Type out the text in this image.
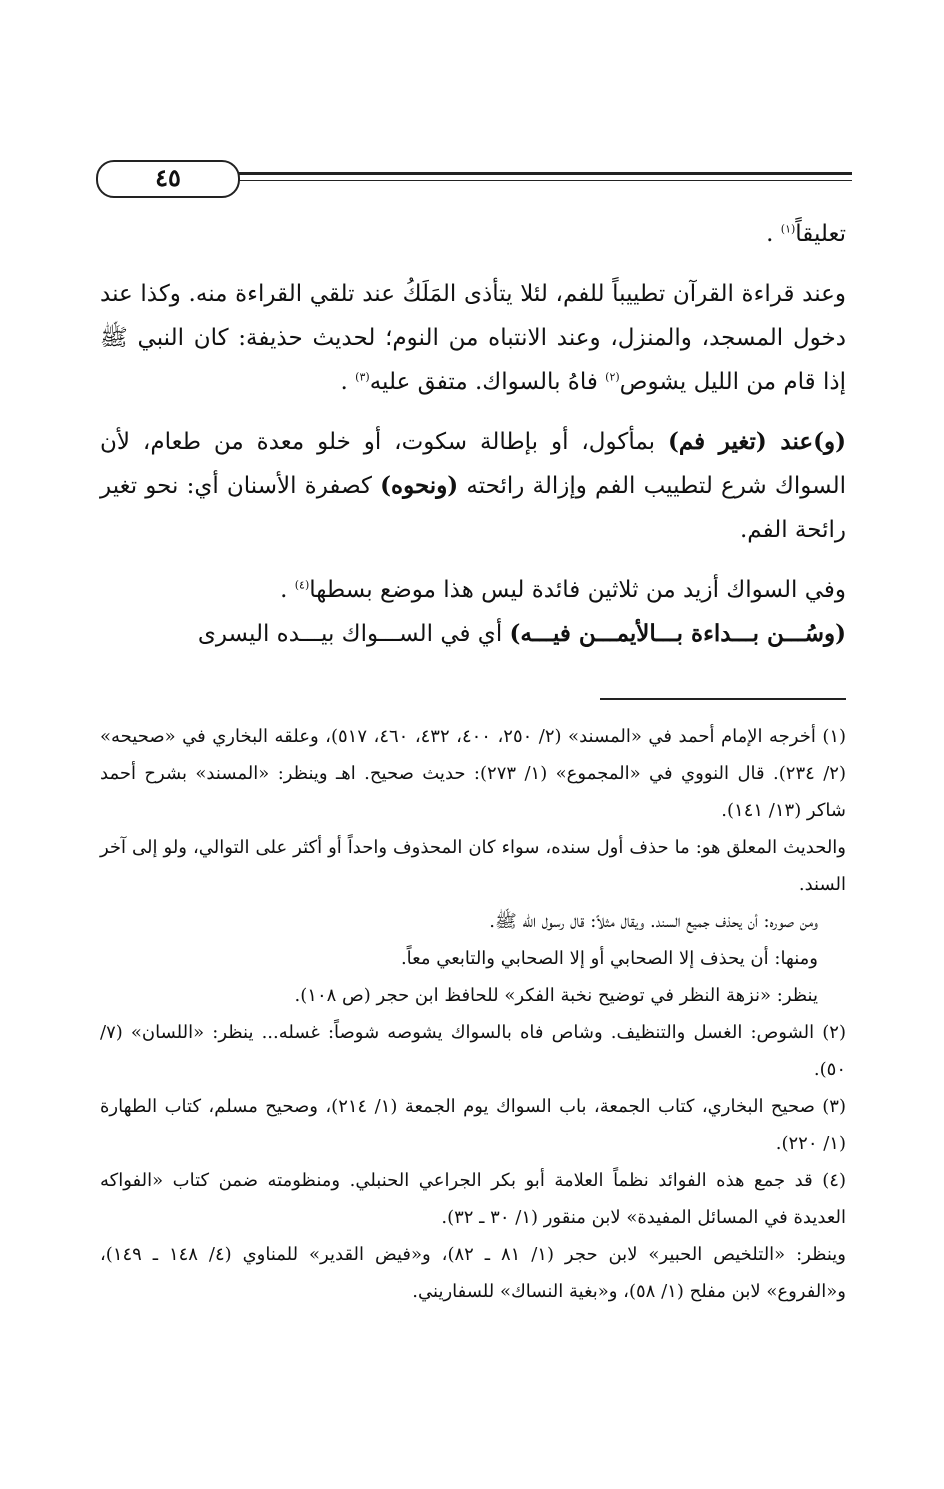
٤٥

تعليقاً$^{(١)}$ .

وعند قراءة القرآن تطييباً للفم، لئلا يتأذى المَلَكُ عند تلقي القراءة منه. وكذا عند دخول المسجد، والمنزل، وعند الانتباه من النوم؛ لحديث حذيفة: كان النبي ﷺ إذا قام من الليل يشوص$^{(٢)}$ فاهُ بالسواك. متفق عليه$^{(٣)}$ .

(و)عند (تغير فم) بمأكول، أو بإطالة سكوت، أو خلو معدة من طعام، لأن السواك شرع لتطييب الفم وإزالة رائحته (ونحوه) كصفرة الأسنان أي: نحو تغير رائحة الفم.

وفي السواك أزيد من ثلاثين فائدة ليس هذا موضع بسطها$^{(٤)}$ .

(وسُـــن بـــداءة بـــالأيمـــن فيـــه) أي في الســـواك بيـــده اليسرى

(١) أخرجه الإمام أحمد في «المسند» (٢/ ٢٥٠، ٤٠٠، ٤٣٢، ٤٦٠، ٥١٧)، وعلقه البخاري في «صحيحه» (٢/ ٢٣٤). قال النووي في «المجموع» (١/ ٢٧٣): حديث صحيح. اهـ وينظر: «المسند» بشرح أحمد شاكر (١٣/ ١٤١).

والحديث المعلق هو: ما حذف أول سنده، سواء كان المحذوف واحداً أو أكثر على التوالي، ولو إلى آخر السند.

ومن صوره: أن يحذف جميع السند. ويقال مثلاً: قال رسول الله ﷺ.

ومنها: أن يحذف إلا الصحابي أو إلا الصحابي والتابعي معاً.

ينظر: «نزهة النظر في توضيح نخبة الفكر» للحافظ ابن حجر (ص ١٠٨).

(٢) الشوص: الغسل والتنظيف. وشاص فاه بالسواك يشوصه شوصاً: غسله... ينظر: «اللسان» (٧/ ٥٠).

(٣) صحيح البخاري، كتاب الجمعة، باب السواك يوم الجمعة (١/ ٢١٤)، وصحيح مسلم، كتاب الطهارة (١/ ٢٢٠).

(٤) قد جمع هذه الفوائد نظماً العلامة أبو بكر الجراعي الحنبلي. ومنظومته ضمن كتاب «الفواكه العديدة في المسائل المفيدة» لابن منقور (١/ ٣٠ ـ ٣٢).

وينظر: «التلخيص الحبير» لابن حجر (١/ ٨١ ـ ٨٢)، و«فيض القدير» للمناوي (٤/ ١٤٨ ـ ١٤٩)، و«الفروع» لابن مفلح (١/ ٥٨)، و«بغية النساك» للسفاريني.
